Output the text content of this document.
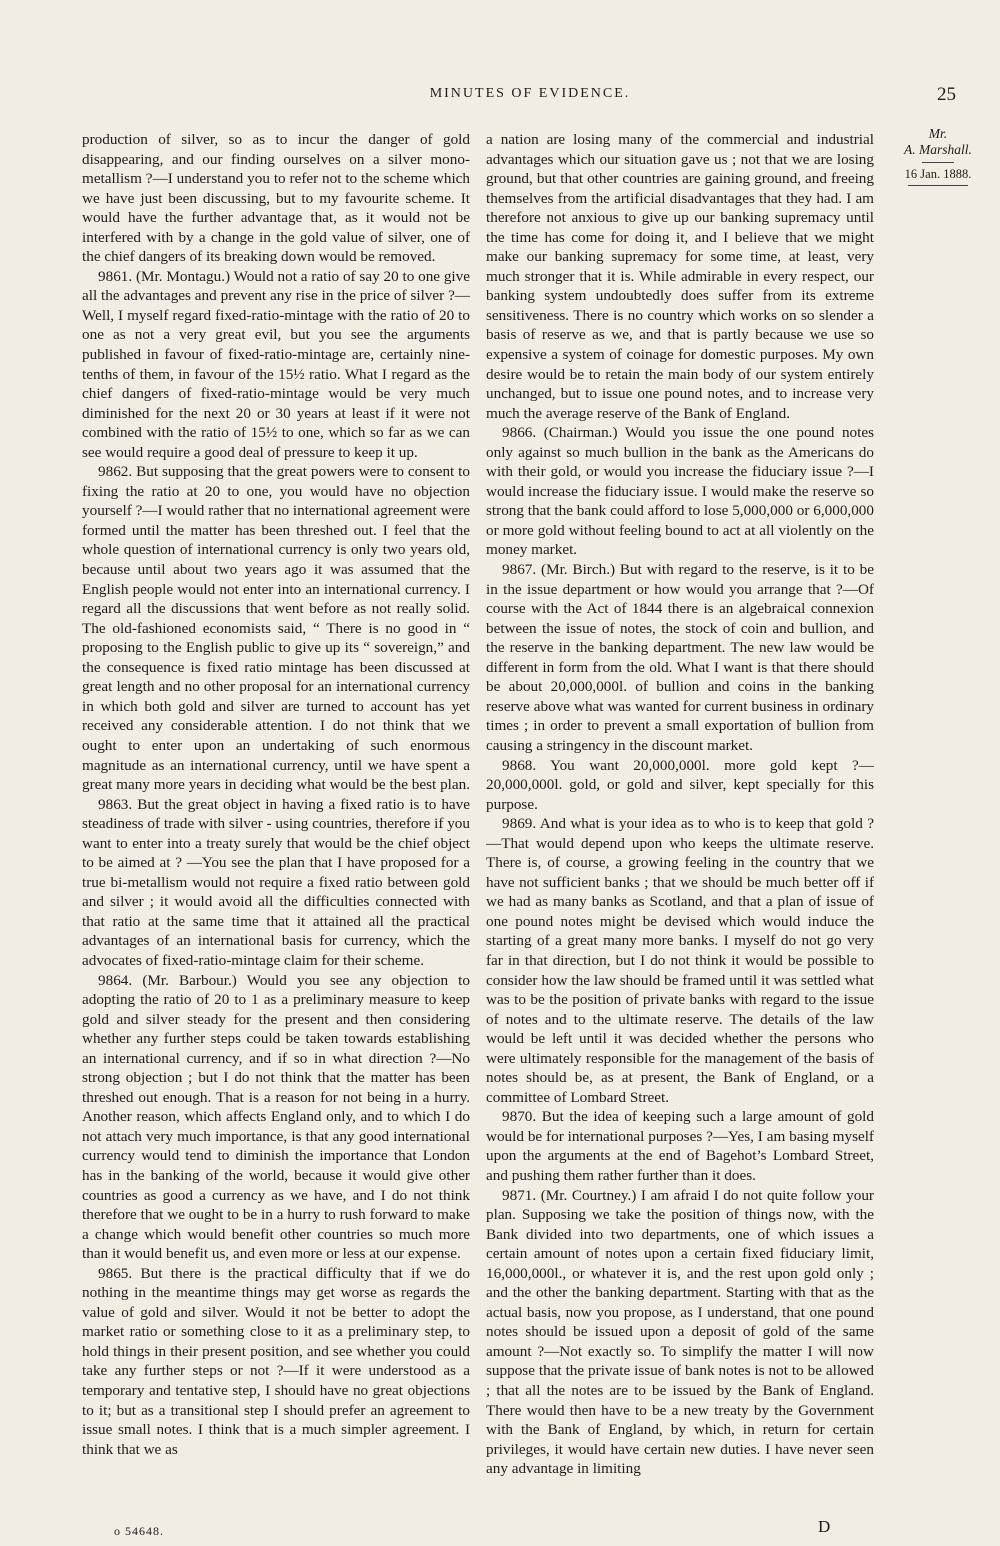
MINUTES OF EVIDENCE.	25
Mr.
A. Marshall.
16 Jan. 1888.

production of silver, so as to incur the danger of gold disappearing, and our finding ourselves on a silver mono-metallism ?—I understand you to refer not to the scheme which we have just been discussing, but to my favourite scheme. It would have the further advantage that, as it would not be interfered with by a change in the gold value of silver, one of the chief dangers of its breaking down would be removed.

9861. (Mr. Montagu.) Would not a ratio of say 20 to one give all the advantages and prevent any rise in the price of silver ?—Well, I myself regard fixed-ratio-mintage with the ratio of 20 to one as not a very great evil, but you see the arguments published in favour of fixed-ratio-mintage are, certainly nine-tenths of them, in favour of the 15½ ratio. What I regard as the chief dangers of fixed-ratio-mintage would be very much diminished for the next 20 or 30 years at least if it were not combined with the ratio of 15½ to one, which so far as we can see would require a good deal of pressure to keep it up.

9862. But supposing that the great powers were to consent to fixing the ratio at 20 to one, you would have no objection yourself ?—I would rather that no international agreement were formed until the matter has been threshed out. I feel that the whole question of international currency is only two years old, because until about two years ago it was assumed that the English people would not enter into an international currency. I regard all the discussions that went before as not really solid. The old-fashioned economists said, “ There is no good in “ proposing to the English public to give up its “ sovereign,” and the consequence is fixed ratio mintage has been discussed at great length and no other proposal for an international currency in which both gold and silver are turned to account has yet received any considerable attention. I do not think that we ought to enter upon an undertaking of such enormous magnitude as an international currency, until we have spent a great many more years in deciding what would be the best plan.

9863. But the great object in having a fixed ratio is to have steadiness of trade with silver - using countries, therefore if you want to enter into a treaty surely that would be the chief object to be aimed at ? —You see the plan that I have proposed for a true bi-metallism would not require a fixed ratio between gold and silver ; it would avoid all the difficulties connected with that ratio at the same time that it attained all the practical advantages of an international basis for currency, which the advocates of fixed-ratio-mintage claim for their scheme.

9864. (Mr. Barbour.) Would you see any objection to adopting the ratio of 20 to 1 as a preliminary measure to keep gold and silver steady for the present and then considering whether any further steps could be taken towards establishing an international currency, and if so in what direction ?—No strong objection ; but I do not think that the matter has been threshed out enough. That is a reason for not being in a hurry. Another reason, which affects England only, and to which I do not attach very much importance, is that any good international currency would tend to diminish the importance that London has in the banking of the world, because it would give other countries as good a currency as we have, and I do not think therefore that we ought to be in a hurry to rush forward to make a change which would benefit other countries so much more than it would benefit us, and even more or less at our expense.

9865. But there is the practical difficulty that if we do nothing in the meantime things may get worse as regards the value of gold and silver. Would it not be better to adopt the market ratio or something close to it as a preliminary step, to hold things in their present position, and see whether you could take any further steps or not ?—If it were understood as a temporary and tentative step, I should have no great objections to it; but as a transitional step I should prefer an agreement to issue small notes. I think that is a much simpler agreement. I think that we as

a nation are losing many of the commercial and industrial advantages which our situation gave us ; not that we are losing ground, but that other countries are gaining ground, and freeing themselves from the artificial disadvantages that they had. I am therefore not anxious to give up our banking supremacy until the time has come for doing it, and I believe that we might make our banking supremacy for some time, at least, very much stronger that it is. While admirable in every respect, our banking system undoubtedly does suffer from its extreme sensitiveness. There is no country which works on so slender a basis of reserve as we, and that is partly because we use so expensive a system of coinage for domestic purposes. My own desire would be to retain the main body of our system entirely unchanged, but to issue one pound notes, and to increase very much the average reserve of the Bank of England.

9866. (Chairman.) Would you issue the one pound notes only against so much bullion in the bank as the Americans do with their gold, or would you increase the fiduciary issue ?—I would increase the fiduciary issue. I would make the reserve so strong that the bank could afford to lose 5,000,000 or 6,000,000 or more gold without feeling bound to act at all violently on the money market.

9867. (Mr. Birch.) But with regard to the reserve, is it to be in the issue department or how would you arrange that ?—Of course with the Act of 1844 there is an algebraical connexion between the issue of notes, the stock of coin and bullion, and the reserve in the banking department. The new law would be different in form from the old. What I want is that there should be about 20,000,000l. of bullion and coins in the banking reserve above what was wanted for current business in ordinary times ; in order to prevent a small exportation of bullion from causing a stringency in the discount market.

9868. You want 20,000,000l. more gold kept ?—20,000,000l. gold, or gold and silver, kept specially for this purpose.

9869. And what is your idea as to who is to keep that gold ?—That would depend upon who keeps the ultimate reserve. There is, of course, a growing feeling in the country that we have not sufficient banks ; that we should be much better off if we had as many banks as Scotland, and that a plan of issue of one pound notes might be devised which would induce the starting of a great many more banks. I myself do not go very far in that direction, but I do not think it would be possible to consider how the law should be framed until it was settled what was to be the position of private banks with regard to the issue of notes and to the ultimate reserve. The details of the law would be left until it was decided whether the persons who were ultimately responsible for the management of the basis of notes should be, as at present, the Bank of England, or a committee of Lombard Street.

9870. But the idea of keeping such a large amount of gold would be for international purposes ?—Yes, I am basing myself upon the arguments at the end of Bagehot’s Lombard Street, and pushing them rather further than it does.

9871. (Mr. Courtney.) I am afraid I do not quite follow your plan. Supposing we take the position of things now, with the Bank divided into two departments, one of which issues a certain amount of notes upon a certain fixed fiduciary limit, 16,000,000l., or whatever it is, and the rest upon gold only ; and the other the banking department. Starting with that as the actual basis, now you propose, as I understand, that one pound notes should be issued upon a deposit of gold of the same amount ?—Not exactly so. To simplify the matter I will now suppose that the private issue of bank notes is not to be allowed ; that all the notes are to be issued by the Bank of England. There would then have to be a new treaty by the Government with the Bank of England, by which, in return for certain privileges, it would have certain new duties. I have never seen any advantage in limiting

o 54648.	D
